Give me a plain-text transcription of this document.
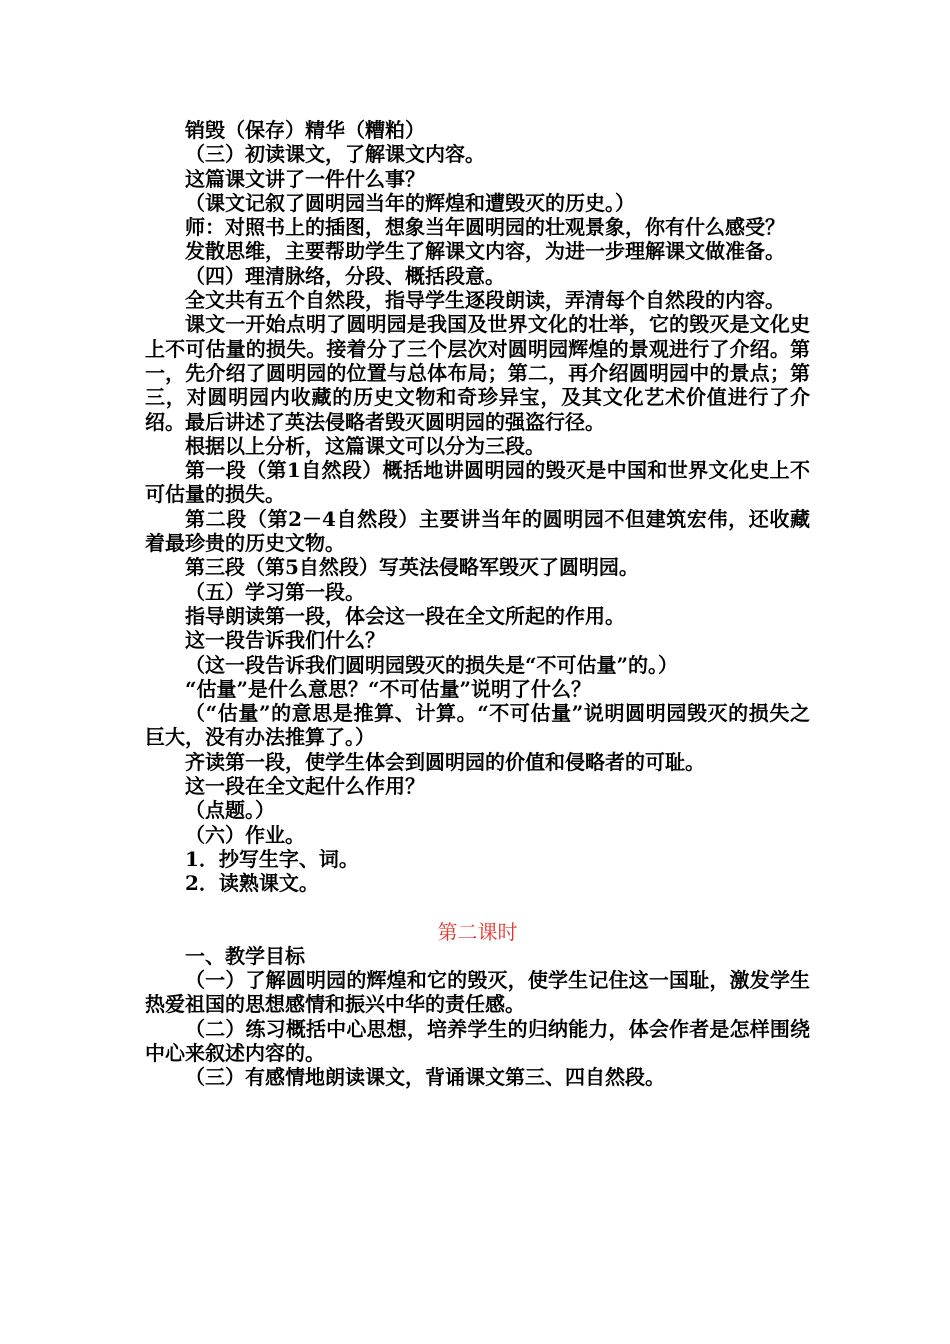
销毁（保存）精华（糟粕）

（三）初读课文，了解课文内容。

这篇课文讲了一件什么事？

（课文记叙了圆明园当年的辉煌和遭毁灭的历史。）

师：对照书上的插图，想象当年圆明园的壮观景象，你有什么感受？

发散思维，主要帮助学生了解课文内容，为进一步理解课文做准备。

（四）理清脉络，分段、概括段意。

全文共有五个自然段，指导学生逐段朗读，弄清每个自然段的内容。

课文一开始点明了圆明园是我国及世界文化的壮举，它的毁灭是文化史上不可估量的损失。接着分了三个层次对圆明园辉煌的景观进行了介绍。第一，先介绍了圆明园的位置与总体布局；第二，再介绍圆明园中的景点；第三，对圆明园内收藏的历史文物和奇珍异宝，及其文化艺术价值进行了介绍。最后讲述了英法侵略者毁灭圆明园的强盗行径。

根据以上分析，这篇课文可以分为三段。

第一段（第1自然段）概括地讲圆明园的毁灭是中国和世界文化史上不可估量的损失。

第二段（第2－4自然段）主要讲当年的圆明园不但建筑宏伟，还收藏着最珍贵的历史文物。

第三段（第5自然段）写英法侵略军毁灭了圆明园。

（五）学习第一段。

指导朗读第一段，体会这一段在全文所起的作用。

这一段告诉我们什么？

（这一段告诉我们圆明园毁灭的损失是“不可估量”的。）

“估量”是什么意思？“不可估量”说明了什么？

（“估量”的意思是推算、计算。“不可估量”说明圆明园毁灭的损失之巨大，没有办法推算了。）

齐读第一段，使学生体会到圆明园的价值和侵略者的可耻。

这一段在全文起什么作用？

（点题。）

（六）作业。

1．抄写生字、词。

2．读熟课文。

第二课时

一、教学目标

（一）了解圆明园的辉煌和它的毁灭，使学生记住这一国耻，激发学生热爱祖国的思想感情和振兴中华的责任感。

（二）练习概括中心思想，培养学生的归纳能力，体会作者是怎样围绕中心来叙述内容的。

（三）有感情地朗读课文，背诵课文第三、四自然段。
